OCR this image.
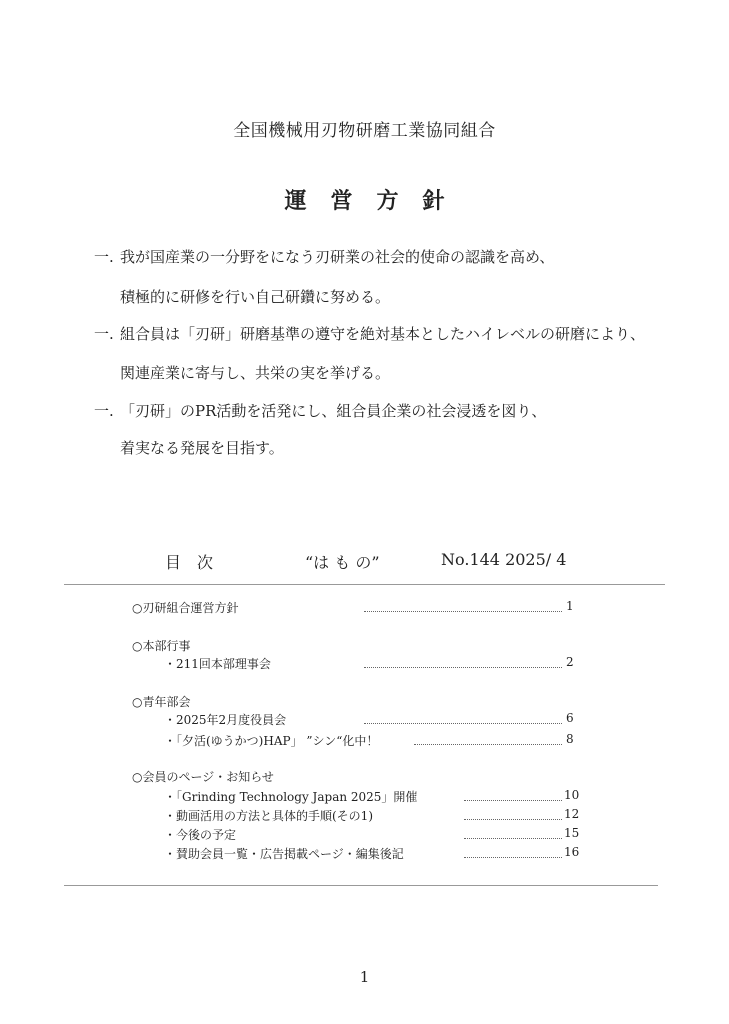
全国機械用刃物研磨工業協同組合
運 営 方 針
一. 我が国産業の一分野をになう刃研業の社会的使命の認識を高め、
積極的に研修を行い自己研鑽に努める。
一. 組合員は「刃研」研磨基準の遵守を絶対基本としたハイレベルの研磨により、
関連産業に寄与し、共栄の実を挙げる。
一. 「刃研」のPR活動を活発にし、組合員企業の社会浸透を図り、
着実なる発展を目指す。
目　次	“は も の”	No.144 2025/ 4
○刃研組合運営方針	1
○本部行事
・211回本部理事会	2
○青年部会
・2025年2月度役員会	6
・「夕活(ゆうかつ)HAP」 ”シン“化中！	8
○会員のページ・お知らせ
・「Grinding Technology Japan 2025」開催	10
・動画活用の方法と具体的手順(その1)	12
・今後の予定	15
・賛助会員一覧・広告掲載ページ・編集後記	16
1
